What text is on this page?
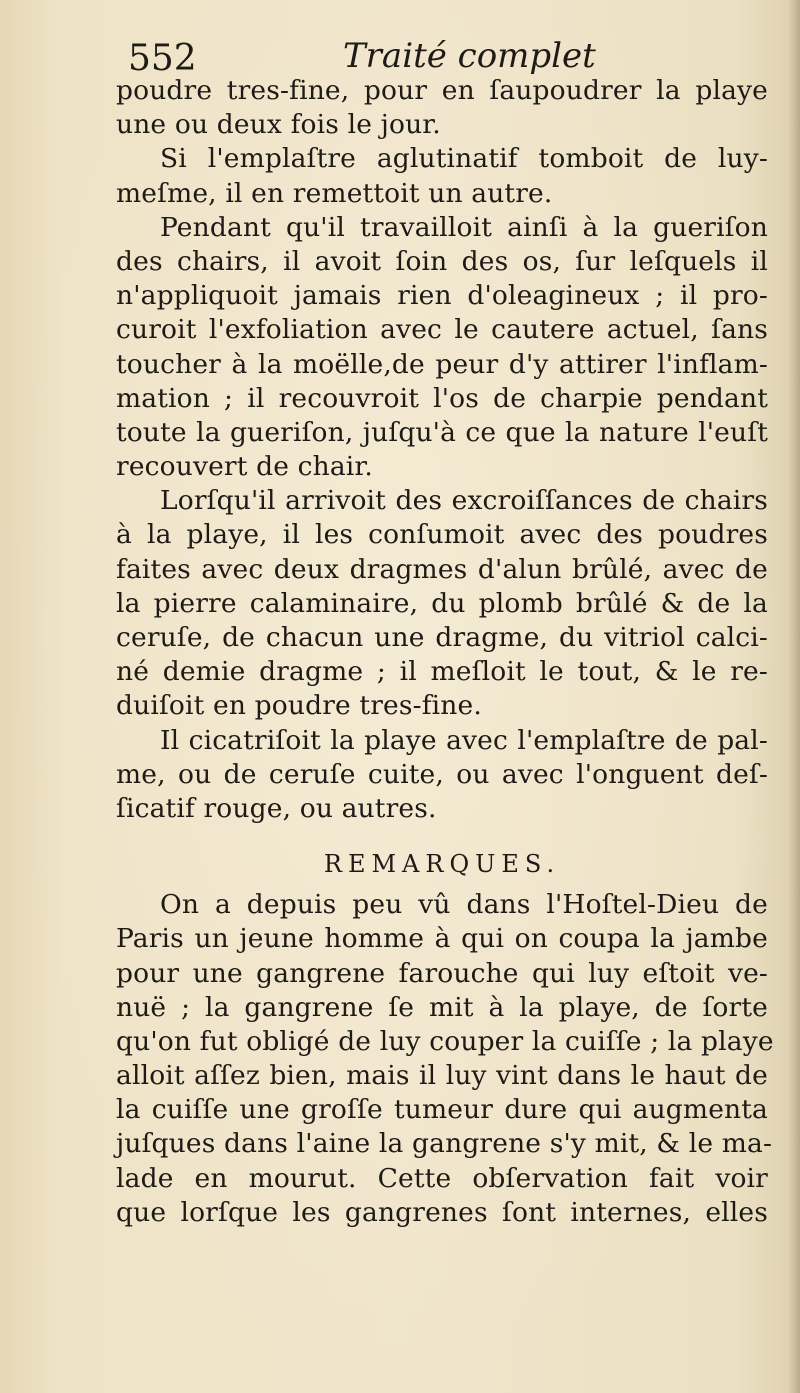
552	Traité complet
poudre tres-fine, pour en ſaupoudrer la playe
une ou deux fois le jour.
Si l'emplaſtre aglutinatif tomboit de luy-
meſme, il en remettoit un autre.
Pendant qu'il travailloit ainſi à la gueriſon
des chairs, il avoit ſoin des os, ſur leſquels il
n'appliquoit jamais rien d'oleagineux ; il pro-
curoit l'exfoliation avec le cautere actuel, ſans
toucher à la moëlle,de peur d'y attirer l'inflam-
mation ; il recouvroit l'os de charpie pendant
toute la gueriſon, juſqu'à ce que la nature l'euſt
recouvert de chair.
Lorſqu'il arrivoit des excroiſſances de chairs
à la playe, il les conſumoit avec des poudres
faites avec deux dragmes d'alun brûlé, avec de
la pierre calaminaire, du plomb brûlé & de la
ceruſe, de chacun une dragme, du vitriol calci-
né demie dragme ; il meſloit le tout, & le re-
duiſoit en poudre tres-fine.
Il cicatriſoit la playe avec l'emplaſtre de pal-
me, ou de ceruſe cuite, ou avec l'onguent deſ-
ſicatif rouge, ou autres.
REMARQUES.
On a depuis peu vû dans l'Hoſtel-Dieu de
Paris un jeune homme à qui on coupa la jambe
pour une gangrene farouche qui luy eſtoit ve-
nuë ; la gangrene ſe mit à la playe, de ſorte
qu'on fut obligé de luy couper la cuiſſe ; la playe
alloit aſſez bien, mais il luy vint dans le haut de
la cuiſſe une groſſe tumeur dure qui augmenta
juſques dans l'aine la gangrene s'y mit, & le ma-
lade en mourut. Cette obſervation fait voir
que lorſque les gangrenes ſont internes, elles
